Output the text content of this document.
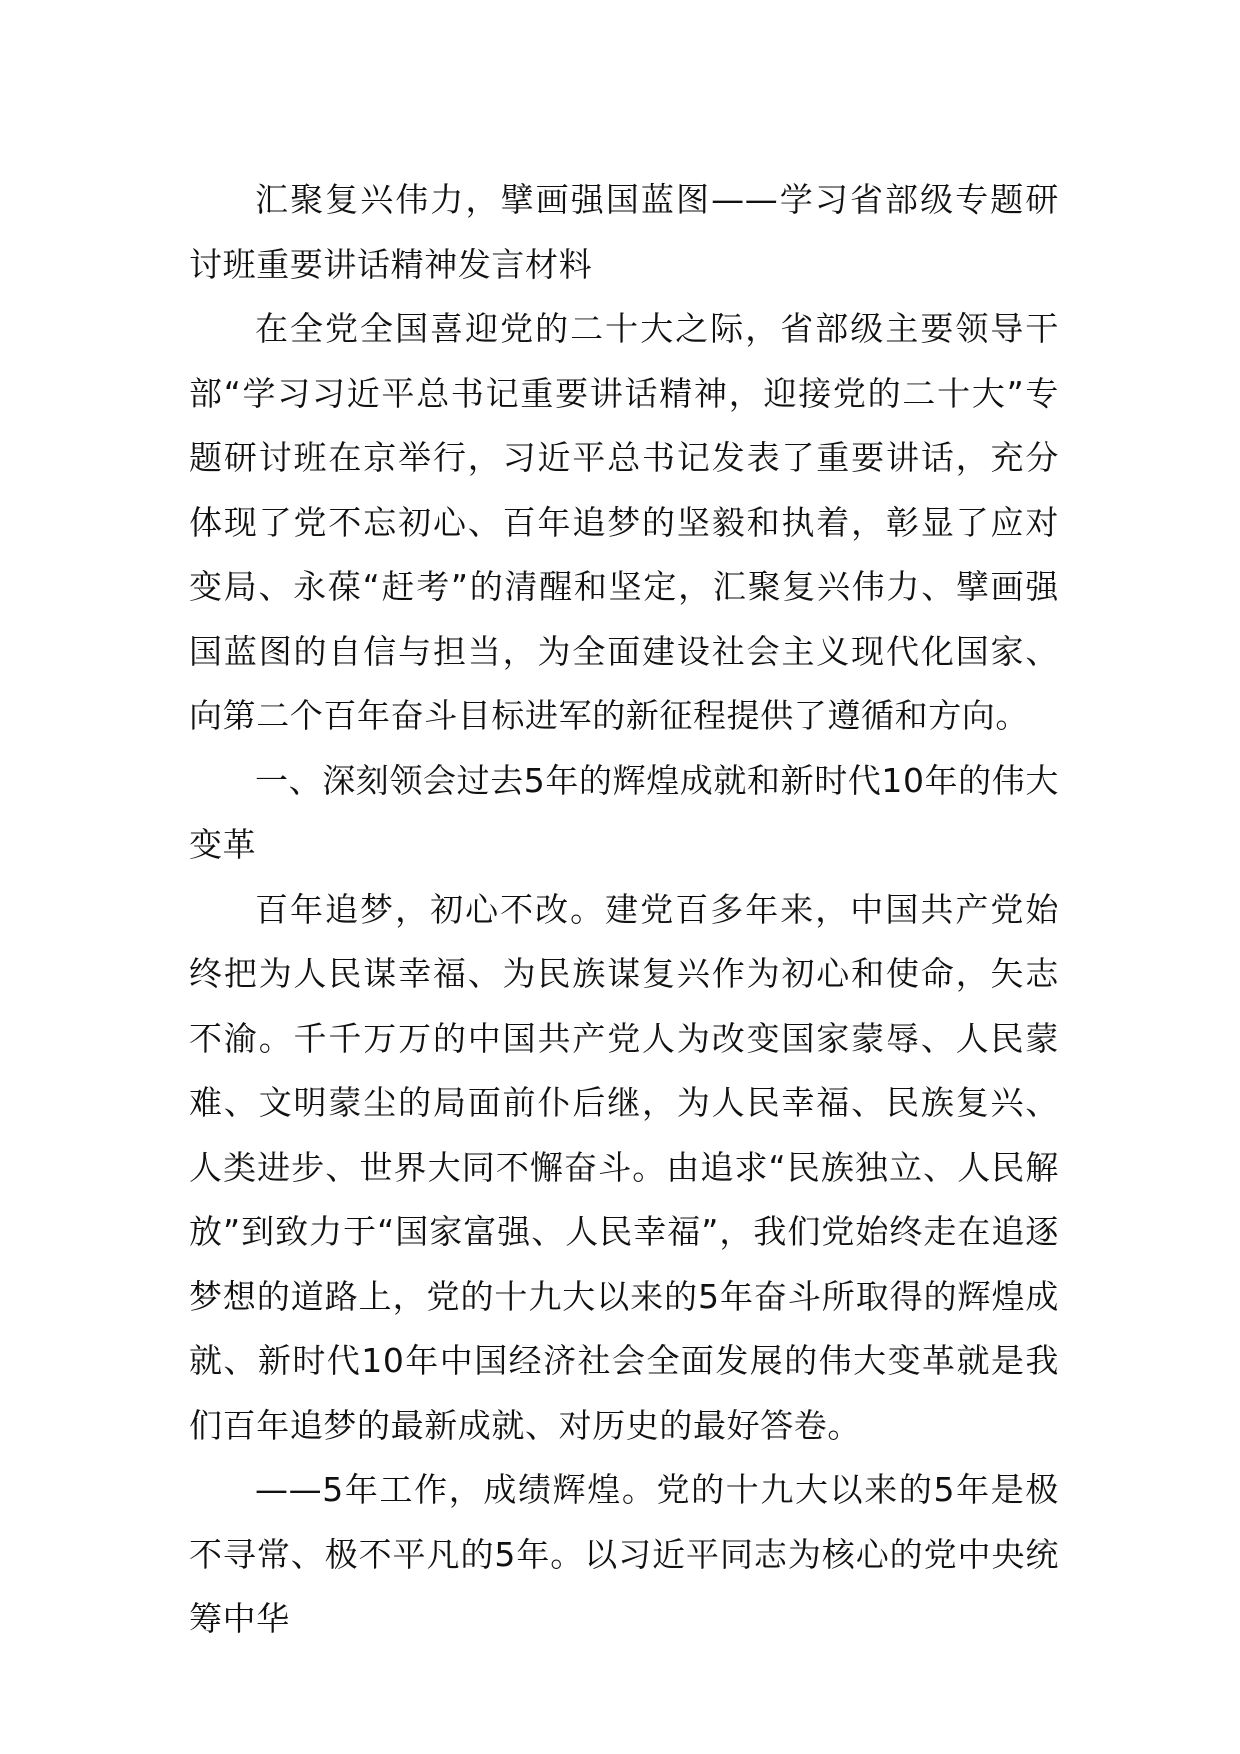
汇聚复兴伟力，擘画强国蓝图——学习省部级专题研讨班重要讲话精神发言材料

在全党全国喜迎党的二十大之际，省部级主要领导干部“学习习近平总书记重要讲话精神，迎接党的二十大”专题研讨班在京举行，习近平总书记发表了重要讲话，充分体现了党不忘初心、百年追梦的坚毅和执着，彰显了应对变局、永葆“赶考”的清醒和坚定，汇聚复兴伟力、擘画强国蓝图的自信与担当，为全面建设社会主义现代化国家、向第二个百年奋斗目标进军的新征程提供了遵循和方向。

一、深刻领会过去5年的辉煌成就和新时代10年的伟大变革

百年追梦，初心不改。建党百多年来，中国共产党始终把为人民谋幸福、为民族谋复兴作为初心和使命，矢志不渝。千千万万的中国共产党人为改变国家蒙辱、人民蒙难、文明蒙尘的局面前仆后继，为人民幸福、民族复兴、人类进步、世界大同不懈奋斗。由追求“民族独立、人民解放”到致力于“国家富强、人民幸福”，我们党始终走在追逐梦想的道路上，党的十九大以来的5年奋斗所取得的辉煌成就、新时代10年中国经济社会全面发展的伟大变革就是我们百年追梦的最新成就、对历史的最好答卷。

——5年工作，成绩辉煌。党的十九大以来的5年是极不寻常、极不平凡的5年。以习近平同志为核心的党中央统筹中华
